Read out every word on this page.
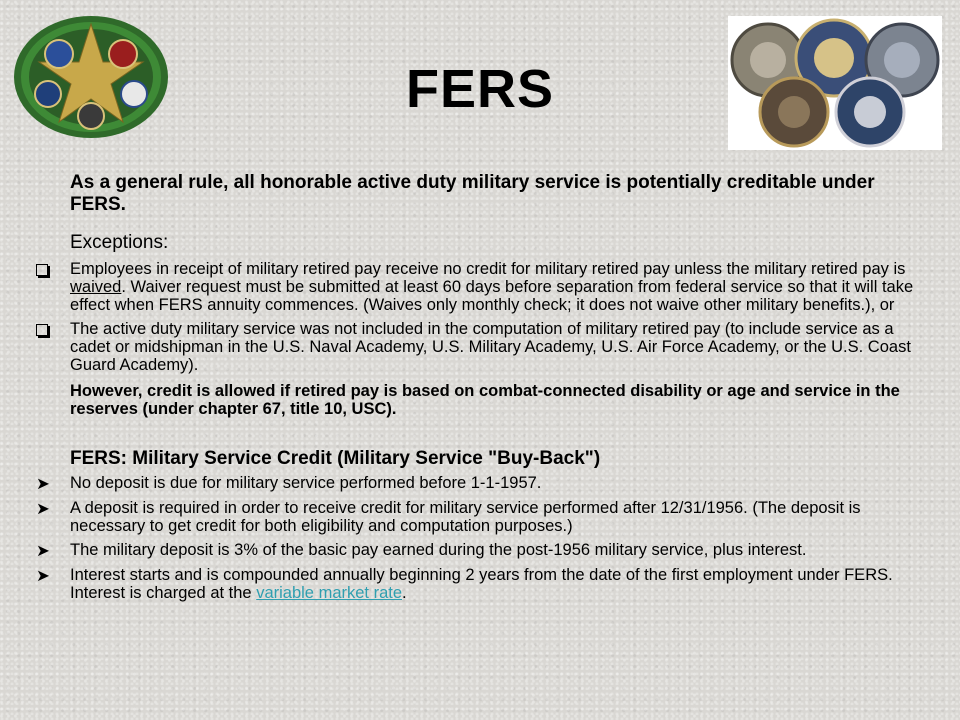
FERS
As a general rule, all honorable active duty military service is potentially creditable under FERS.
Exceptions:
Employees in receipt of military retired pay receive no credit for military retired pay unless the military retired pay is waived. Waiver request must be submitted at least 60 days before separation from federal service so that it will take effect when FERS annuity commences. (Waives only monthly check; it does not waive other military benefits.), or
The active duty military service was not included in the computation of military retired pay (to include service as a cadet or midshipman in the U.S. Naval Academy, U.S. Military Academy, U.S. Air Force Academy, or the U.S. Coast Guard Academy).
However, credit is allowed if retired pay is based on combat-connected disability or age and service in the reserves (under chapter 67, title 10, USC).
FERS: Military Service Credit (Military Service "Buy-Back")
➤	No deposit is due for military service performed before 1-1-1957.
➤	A deposit is required in order to receive credit for military service performed after 12/31/1956. (The deposit is necessary to get credit for both eligibility and computation purposes.)
➤	The military deposit is 3% of the basic pay earned during the post-1956 military service, plus interest.
➤	Interest starts and is compounded annually beginning 2 years from the date of the first employment under FERS. Interest is charged at the variable market rate.
